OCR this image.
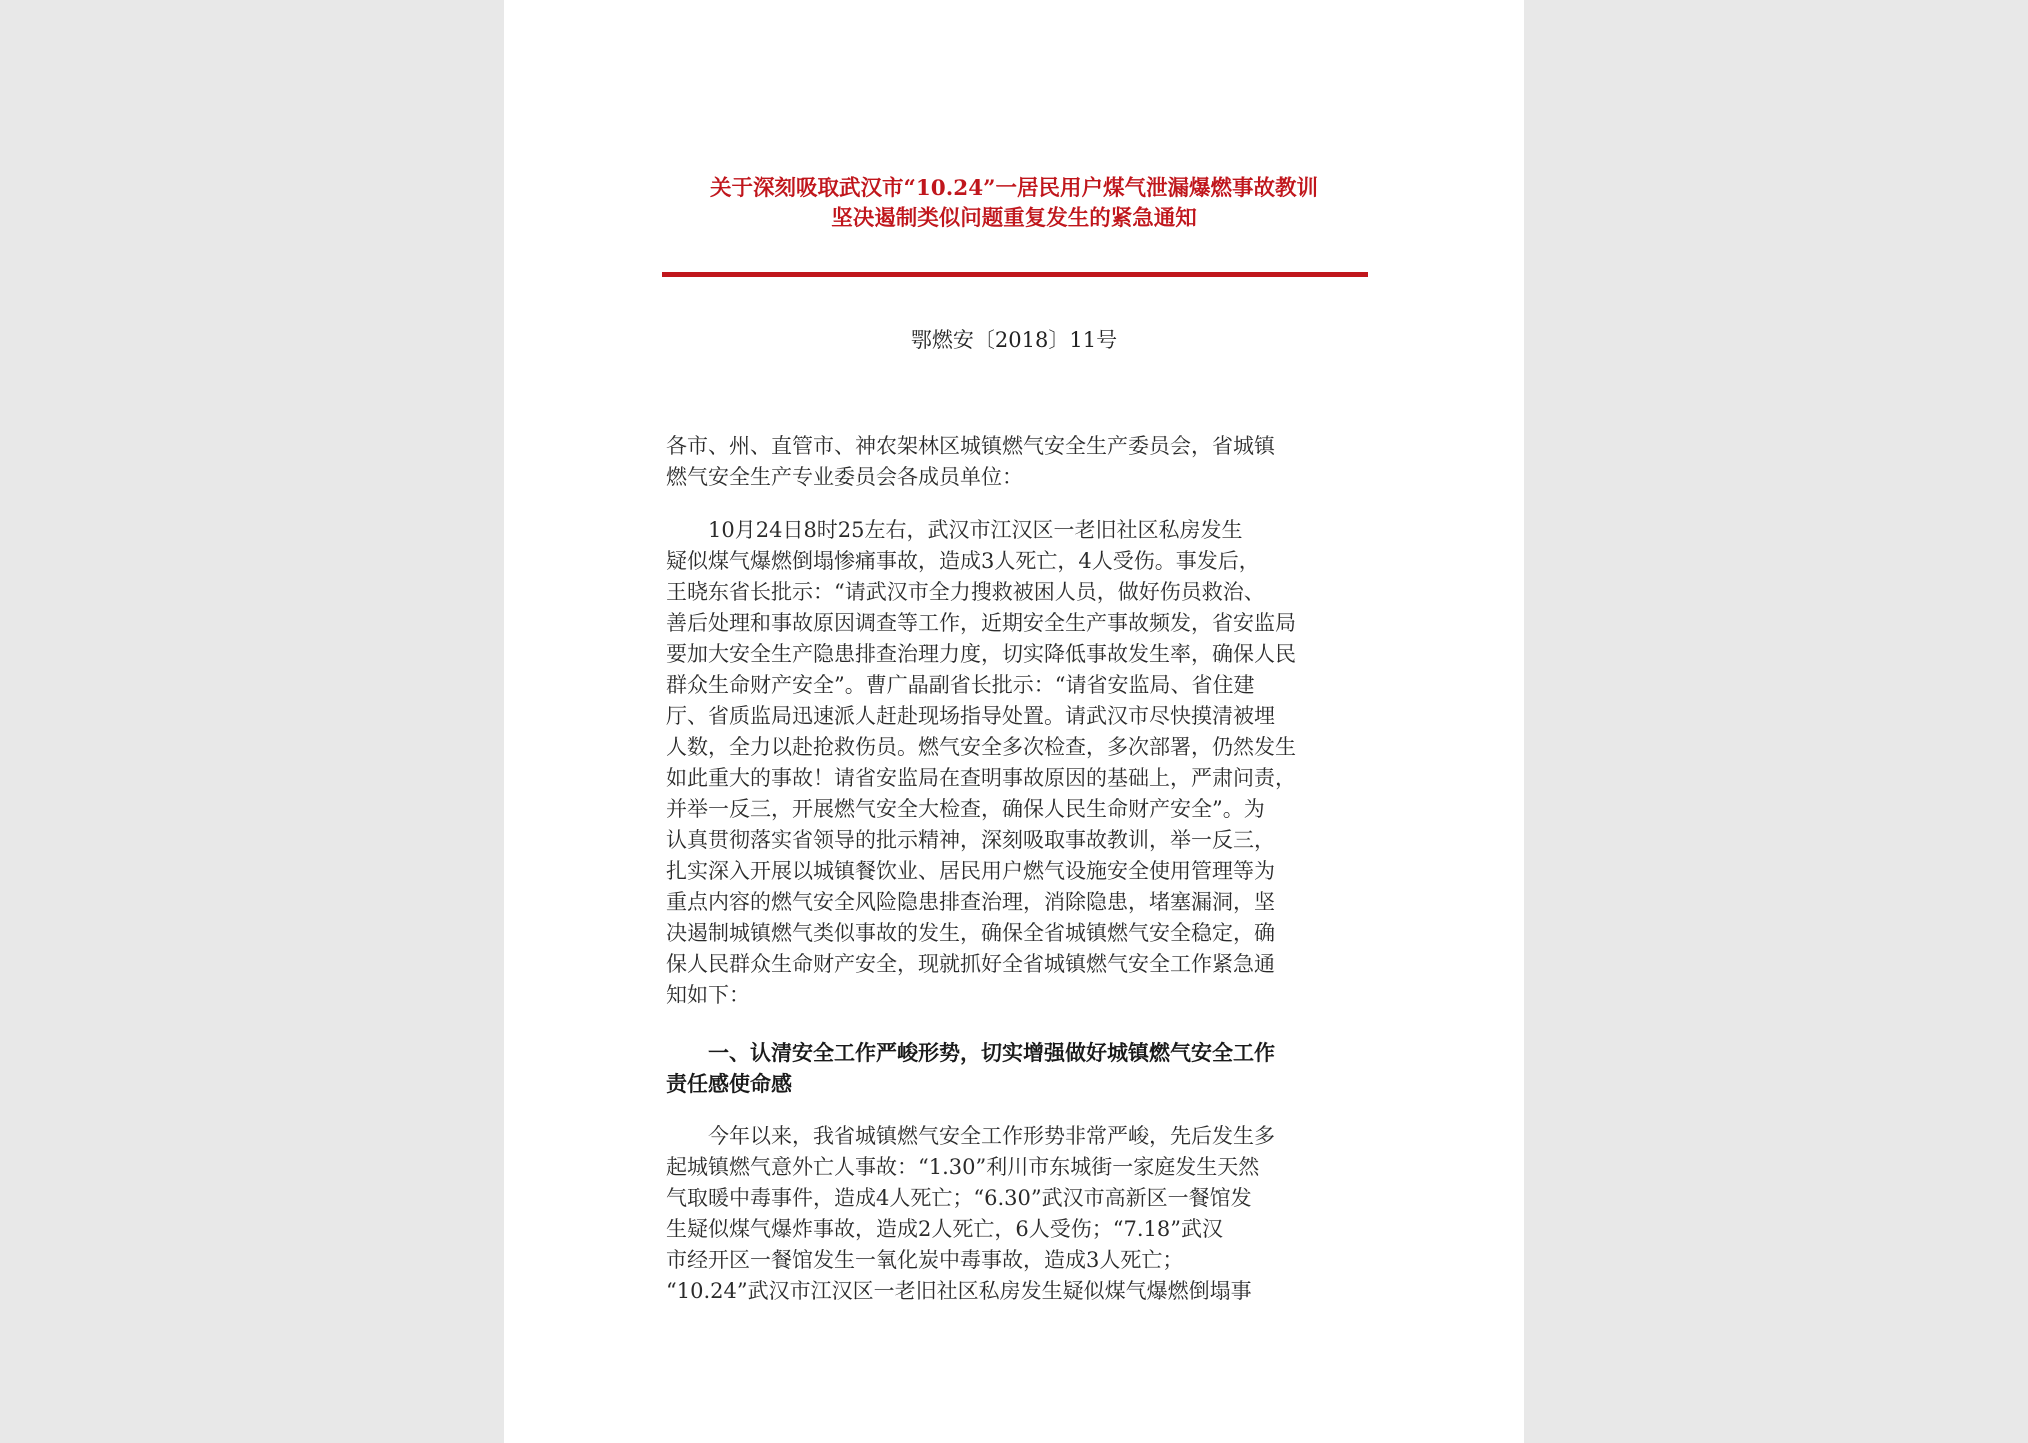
关于深刻吸取武汉市“10.24”一居民用户煤气泄漏爆燃事故教训
坚决遏制类似问题重复发生的紧急通知
鄂燃安〔2018〕11号
各市、州、直管市、神农架林区城镇燃气安全生产委员会，省城镇
燃气安全生产专业委员会各成员单位：
　　10月24日8时25左右，武汉市江汉区一老旧社区私房发生
疑似煤气爆燃倒塌惨痛事故，造成3人死亡，4人受伤。事发后，
王晓东省长批示：“请武汉市全力搜救被困人员，做好伤员救治、
善后处理和事故原因调查等工作，近期安全生产事故频发，省安监局
要加大安全生产隐患排查治理力度，切实降低事故发生率，确保人民
群众生命财产安全”。曹广晶副省长批示：“请省安监局、省住建
厅、省质监局迅速派人赶赴现场指导处置。请武汉市尽快摸清被埋
人数，全力以赴抢救伤员。燃气安全多次检查，多次部署，仍然发生
如此重大的事故！请省安监局在查明事故原因的基础上，严肃问责，
并举一反三，开展燃气安全大检查，确保人民生命财产安全”。为
认真贯彻落实省领导的批示精神，深刻吸取事故教训，举一反三，
扎实深入开展以城镇餐饮业、居民用户燃气设施安全使用管理等为
重点内容的燃气安全风险隐患排查治理，消除隐患，堵塞漏洞，坚
决遏制城镇燃气类似事故的发生，确保全省城镇燃气安全稳定，确
保人民群众生命财产安全，现就抓好全省城镇燃气安全工作紧急通
知如下：
　　一、认清安全工作严峻形势，切实增强做好城镇燃气安全工作
责任感使命感
　　今年以来，我省城镇燃气安全工作形势非常严峻，先后发生多
起城镇燃气意外亡人事故：“1.30”利川市东城街一家庭发生天然
气取暖中毒事件，造成4人死亡；“6.30”武汉市高新区一餐馆发
生疑似煤气爆炸事故，造成2人死亡，6人受伤；“7.18”武汉
市经开区一餐馆发生一氧化炭中毒事故，造成3人死亡；
“10.24”武汉市江汉区一老旧社区私房发生疑似煤气爆燃倒塌事
